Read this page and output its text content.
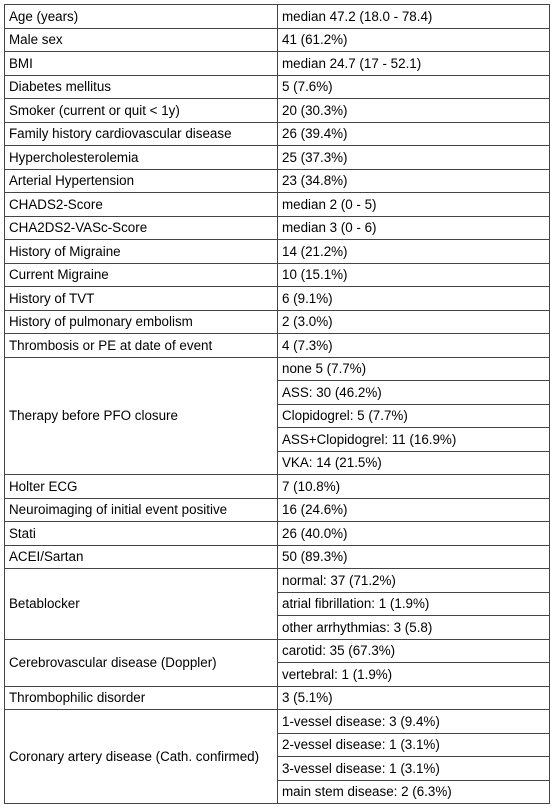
Age (years)	median 47.2 (18.0 - 78.4)
Male sex	41 (61.2%)
BMI	median 24.7 (17 - 52.1)
Diabetes mellitus	5 (7.6%)
Smoker (current or quit < 1y)	20 (30.3%)
Family history cardiovascular disease	26 (39.4%)
Hypercholesterolemia	25 (37.3%)
Arterial Hypertension	23 (34.8%)
CHADS2-Score	median 2 (0 - 5)
CHA2DS2-VASc-Score	median 3 (0 - 6)
History of Migraine	14 (21.2%)
Current Migraine	10 (15.1%)
History of TVT	6 (9.1%)
History of pulmonary embolism	2 (3.0%)
Thrombosis or PE at date of event	4 (7.3%)
Therapy before PFO closure	none 5 (7.7%)
	ASS: 30 (46.2%)
	Clopidogrel: 5 (7.7%)
	ASS+Clopidogrel: 11 (16.9%)
	VKA: 14 (21.5%)
Holter ECG	7 (10.8%)
Neuroimaging of initial event positive	16 (24.6%)
Stati	26 (40.0%)
ACEI/Sartan	50 (89.3%)
Betablocker	normal: 37 (71.2%)
	atrial fibrillation: 1 (1.9%)
	other arrhythmias: 3 (5.8)
Cerebrovascular disease (Doppler)	carotid: 35 (67.3%)
	vertebral: 1 (1.9%)
Thrombophilic disorder	3 (5.1%)
Coronary artery disease (Cath. confirmed)	1-vessel disease: 3 (9.4%)
	2-vessel disease: 1 (3.1%)
	3-vessel disease: 1 (3.1%)
	main stem disease: 2 (6.3%)
